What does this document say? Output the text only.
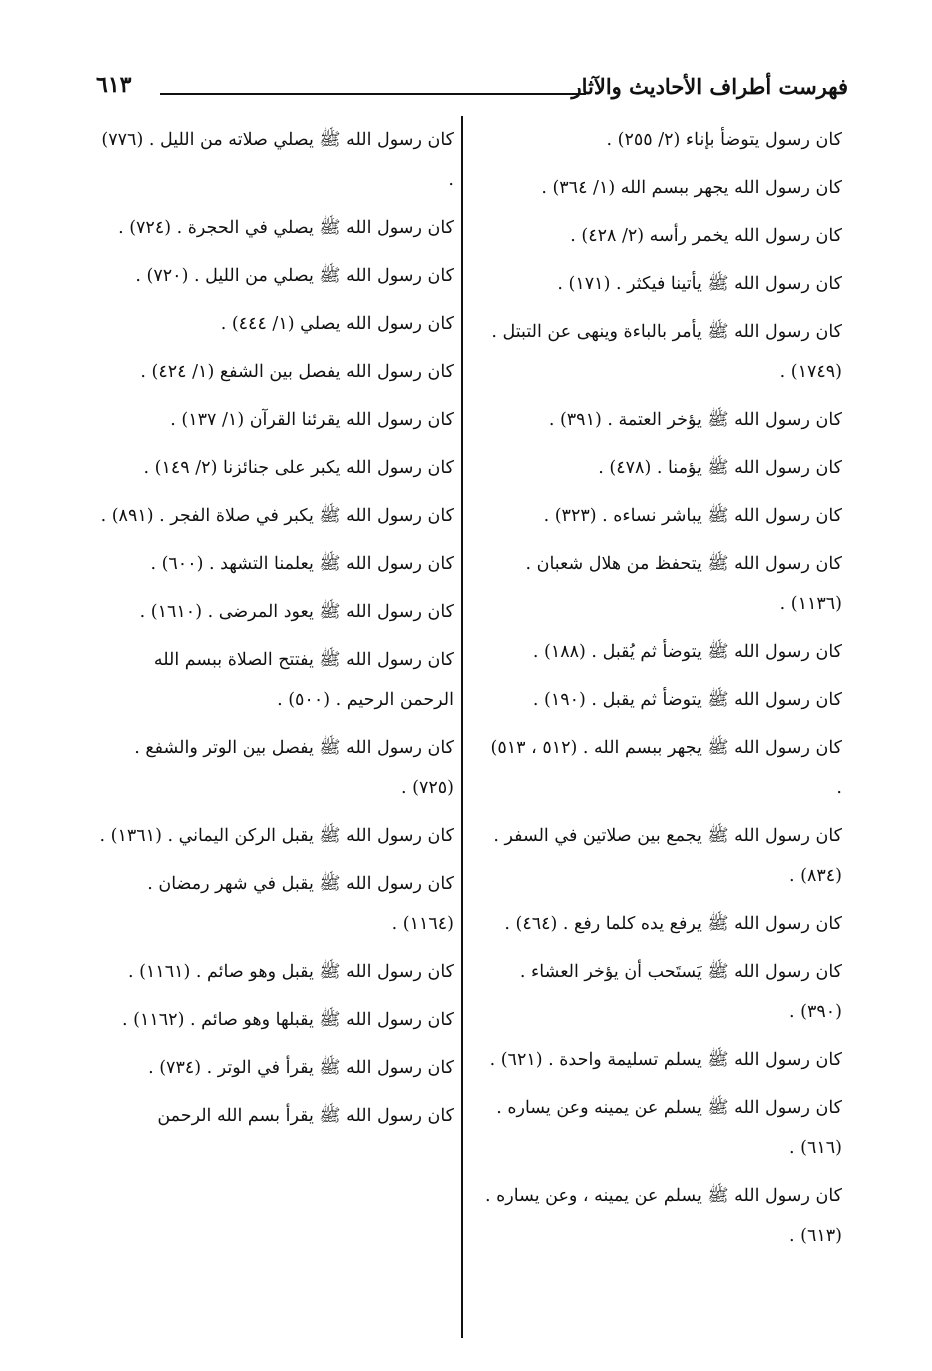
فهرست أطراف الأحاديث والآثار
٦١٣
كان رسول يتوضأ بإناء (٢/ ٢٥٥) .
كان رسول الله يجهر ببسم الله (١/ ٣٦٤) .
كان رسول الله يخمر رأسه (٢/ ٤٢٨) .
كان رسول الله ﷺ يأتينا فيكثر . (١٧١) .
كان رسول الله ﷺ يأمر بالباءة وينهى عن التبتل . (١٧٤٩) .
كان رسول الله ﷺ يؤخر العتمة . (٣٩١) .
كان رسول الله ﷺ يؤمنا . (٤٧٨) .
كان رسول الله ﷺ يباشر نساءه . (٣٢٣) .
كان رسول الله ﷺ يتحفظ من هلال شعبان . (١١٣٦) .
كان رسول الله ﷺ يتوضأ ثم يُقبل . (١٨٨) .
كان رسول الله ﷺ يتوضأ ثم يقبل . (١٩٠) .
كان رسول الله ﷺ يجهر ببسم الله . (٥١٢ ، ٥١٣) .
كان رسول الله ﷺ يجمع بين صلاتين في السفر . (٨٣٤) .
كان رسول الله ﷺ يرفع يده كلما رفع . (٤٦٤) .
كان رسول الله ﷺ يَستَحب أن يؤخر العشاء . (٣٩٠) .
كان رسول الله ﷺ يسلم تسليمة واحدة . (٦٢١) .
كان رسول الله ﷺ يسلم عن يمينه وعن يساره . (٦١٦) .
كان رسول الله ﷺ يسلم عن يمينه ، وعن يساره . (٦١٣) .
كان رسول الله ﷺ يصلي صلاته من الليل . (٧٧٦) .
كان رسول الله ﷺ يصلي في الحجرة . (٧٢٤) .
كان رسول الله ﷺ يصلي من الليل . (٧٢٠) .
كان رسول الله يصلي (١/ ٤٤٤) .
كان رسول الله يفصل بين الشفع (١/ ٤٢٤) .
كان رسول الله يقرئنا القرآن (١/ ١٣٧) .
كان رسول الله يكبر على جنائزنا (٢/ ١٤٩) .
كان رسول الله ﷺ يكبر في صلاة الفجر . (٨٩١) .
كان رسول الله ﷺ يعلمنا التشهد . (٦٠٠) .
كان رسول الله ﷺ يعود المرضى . (١٦١٠) .
كان رسول الله ﷺ يفتتح الصلاة ببسم الله الرحمن الرحيم . (٥٠٠) .
كان رسول الله ﷺ يفصل بين الوتر والشفع . (٧٢٥) .
كان رسول الله ﷺ يقبل الركن اليماني . (١٣٦١) .
كان رسول الله ﷺ يقبل في شهر رمضان . (١١٦٤) .
كان رسول الله ﷺ يقبل وهو صائم . (١١٦١) .
كان رسول الله ﷺ يقبلها وهو صائم . (١١٦٢) .
كان رسول الله ﷺ يقرأ في الوتر . (٧٣٤) .
كان رسول الله ﷺ يقرأ بسم الله الرحمن
